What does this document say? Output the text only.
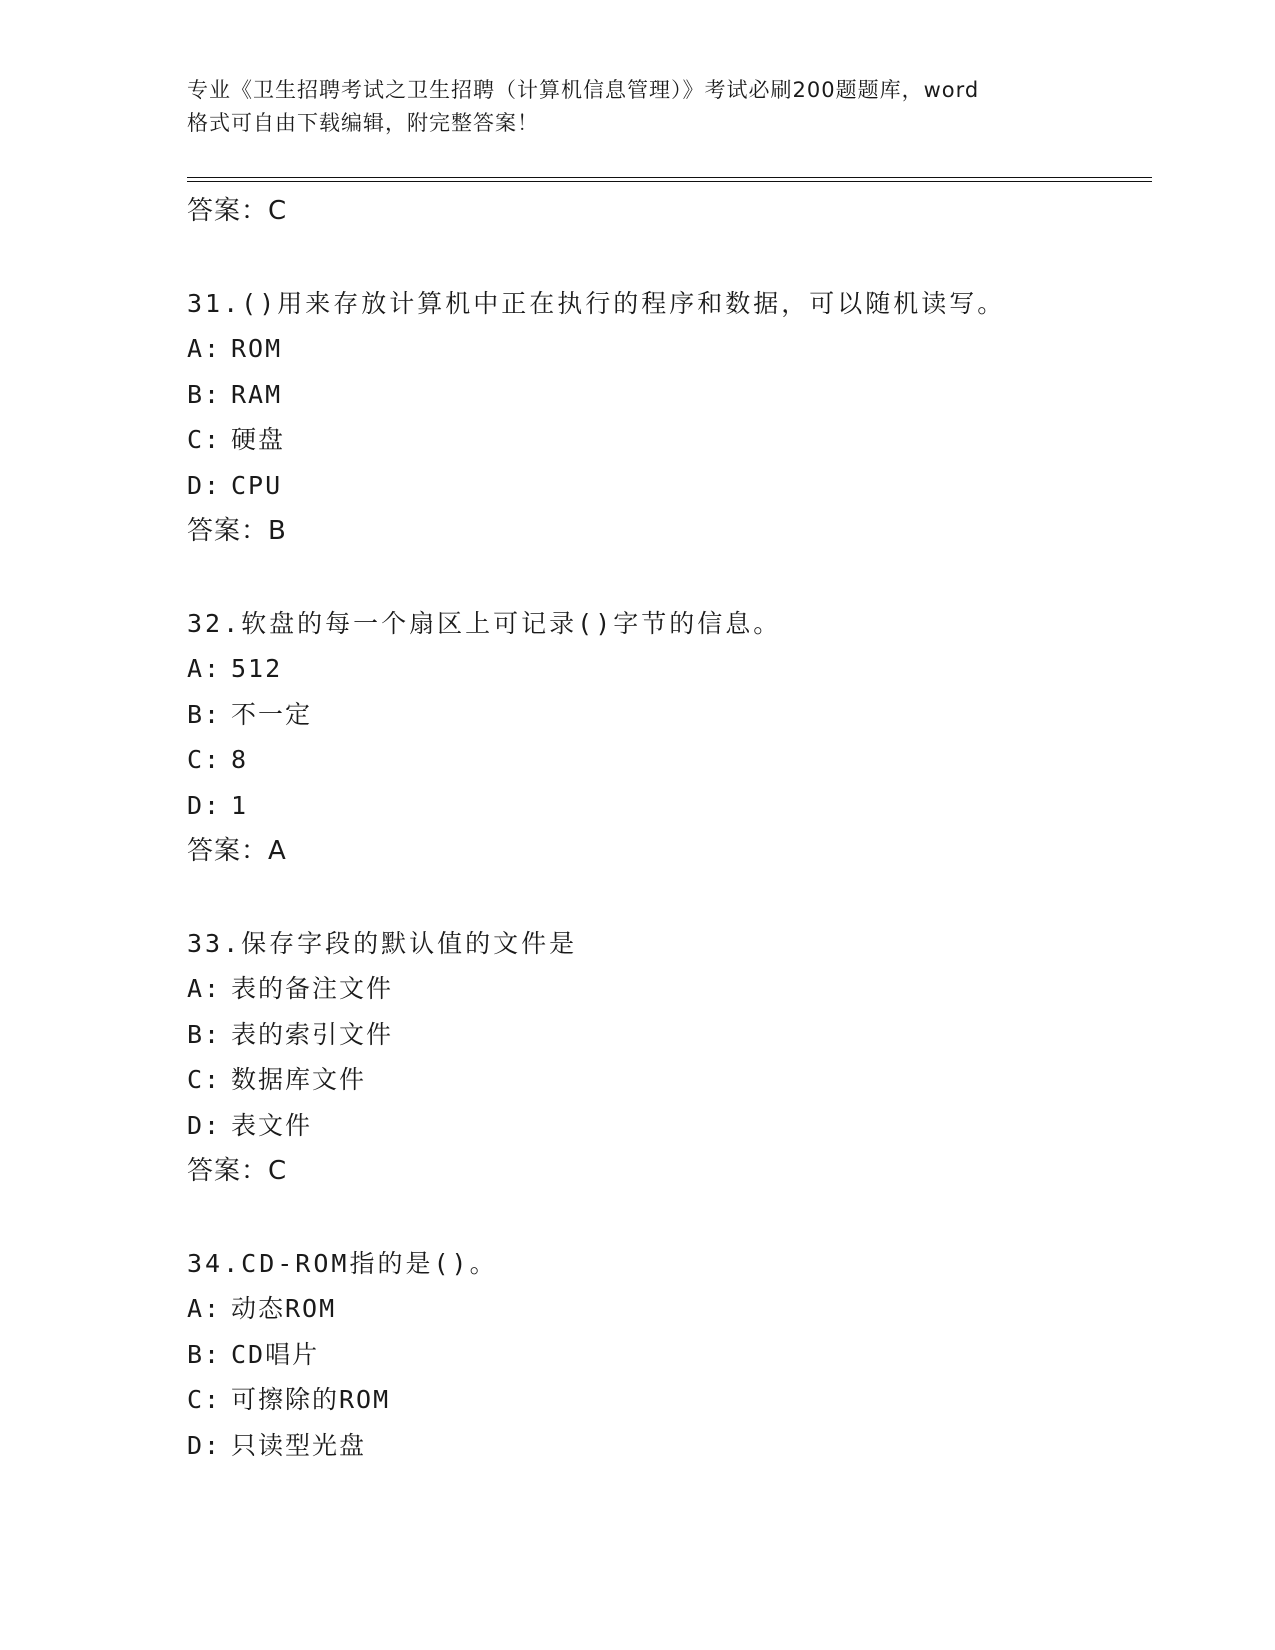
专业《卫生招聘考试之卫生招聘（计算机信息管理）》考试必刷200题题库，word
格式可自由下载编辑，附完整答案！
答案：C
31.()用来存放计算机中正在执行的程序和数据，可以随机读写。
A: ROM
B: RAM
C: 硬盘
D: CPU
答案：B
32.软盘的每一个扇区上可记录()字节的信息。
A: 512
B: 不一定
C: 8
D: 1
答案：A
33.保存字段的默认值的文件是
A: 表的备注文件
B: 表的索引文件
C: 数据库文件
D: 表文件
答案：C
34.CD-ROM指的是()。
A: 动态ROM
B: CD唱片
C: 可擦除的ROM
D: 只读型光盘
